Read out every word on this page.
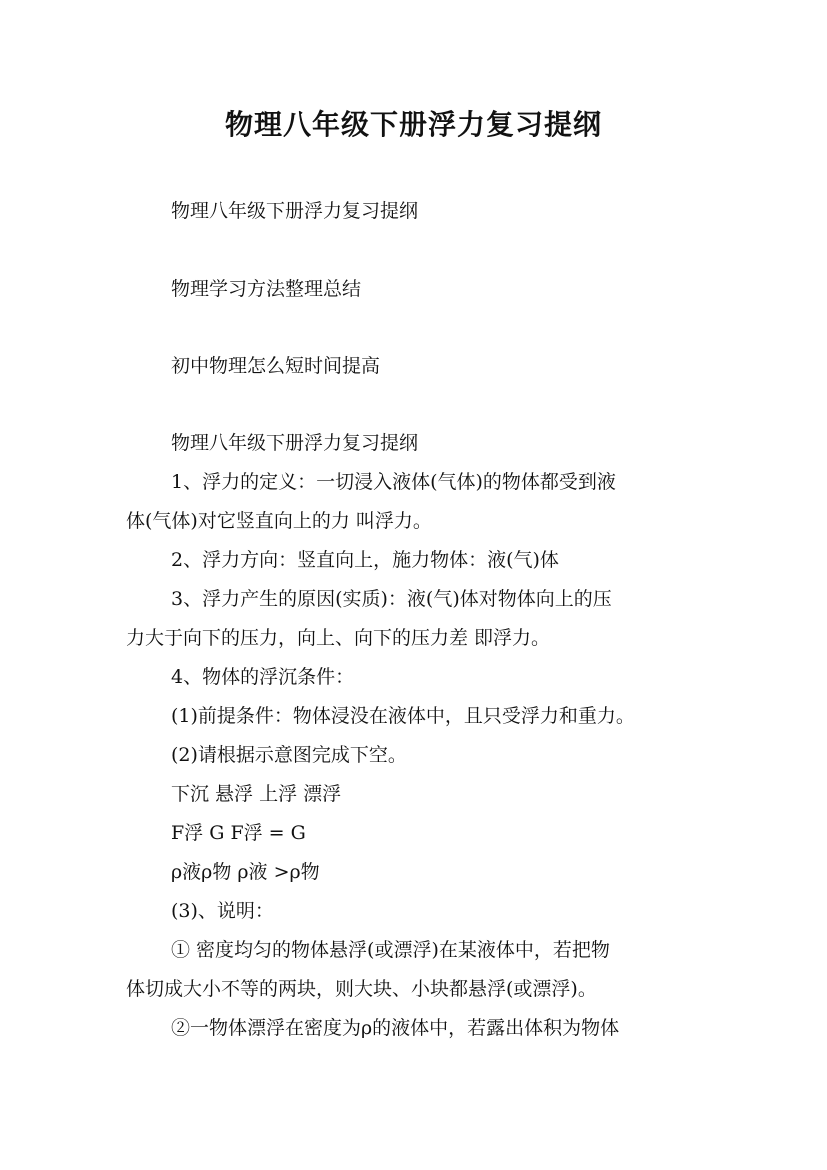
物理八年级下册浮力复习提纲
物理八年级下册浮力复习提纲
物理学习方法整理总结
初中物理怎么短时间提高
物理八年级下册浮力复习提纲
1、浮力的定义：一切浸入液体(气体)的物体都受到液
体(气体)对它竖直向上的力 叫浮力。
2、浮力方向：竖直向上，施力物体：液(气)体
3、浮力产生的原因(实质)：液(气)体对物体向上的压
力大于向下的压力，向上、向下的压力差 即浮力。
4、物体的浮沉条件：
(1)前提条件：物体浸没在液体中，且只受浮力和重力。
(2)请根据示意图完成下空。
下沉 悬浮 上浮 漂浮
F浮 G F浮 = G
ρ液ρ物 ρ液 >ρ物
(3)、说明：
① 密度均匀的物体悬浮(或漂浮)在某液体中，若把物
体切成大小不等的两块，则大块、小块都悬浮(或漂浮)。
②一物体漂浮在密度为ρ的液体中，若露出体积为物体
